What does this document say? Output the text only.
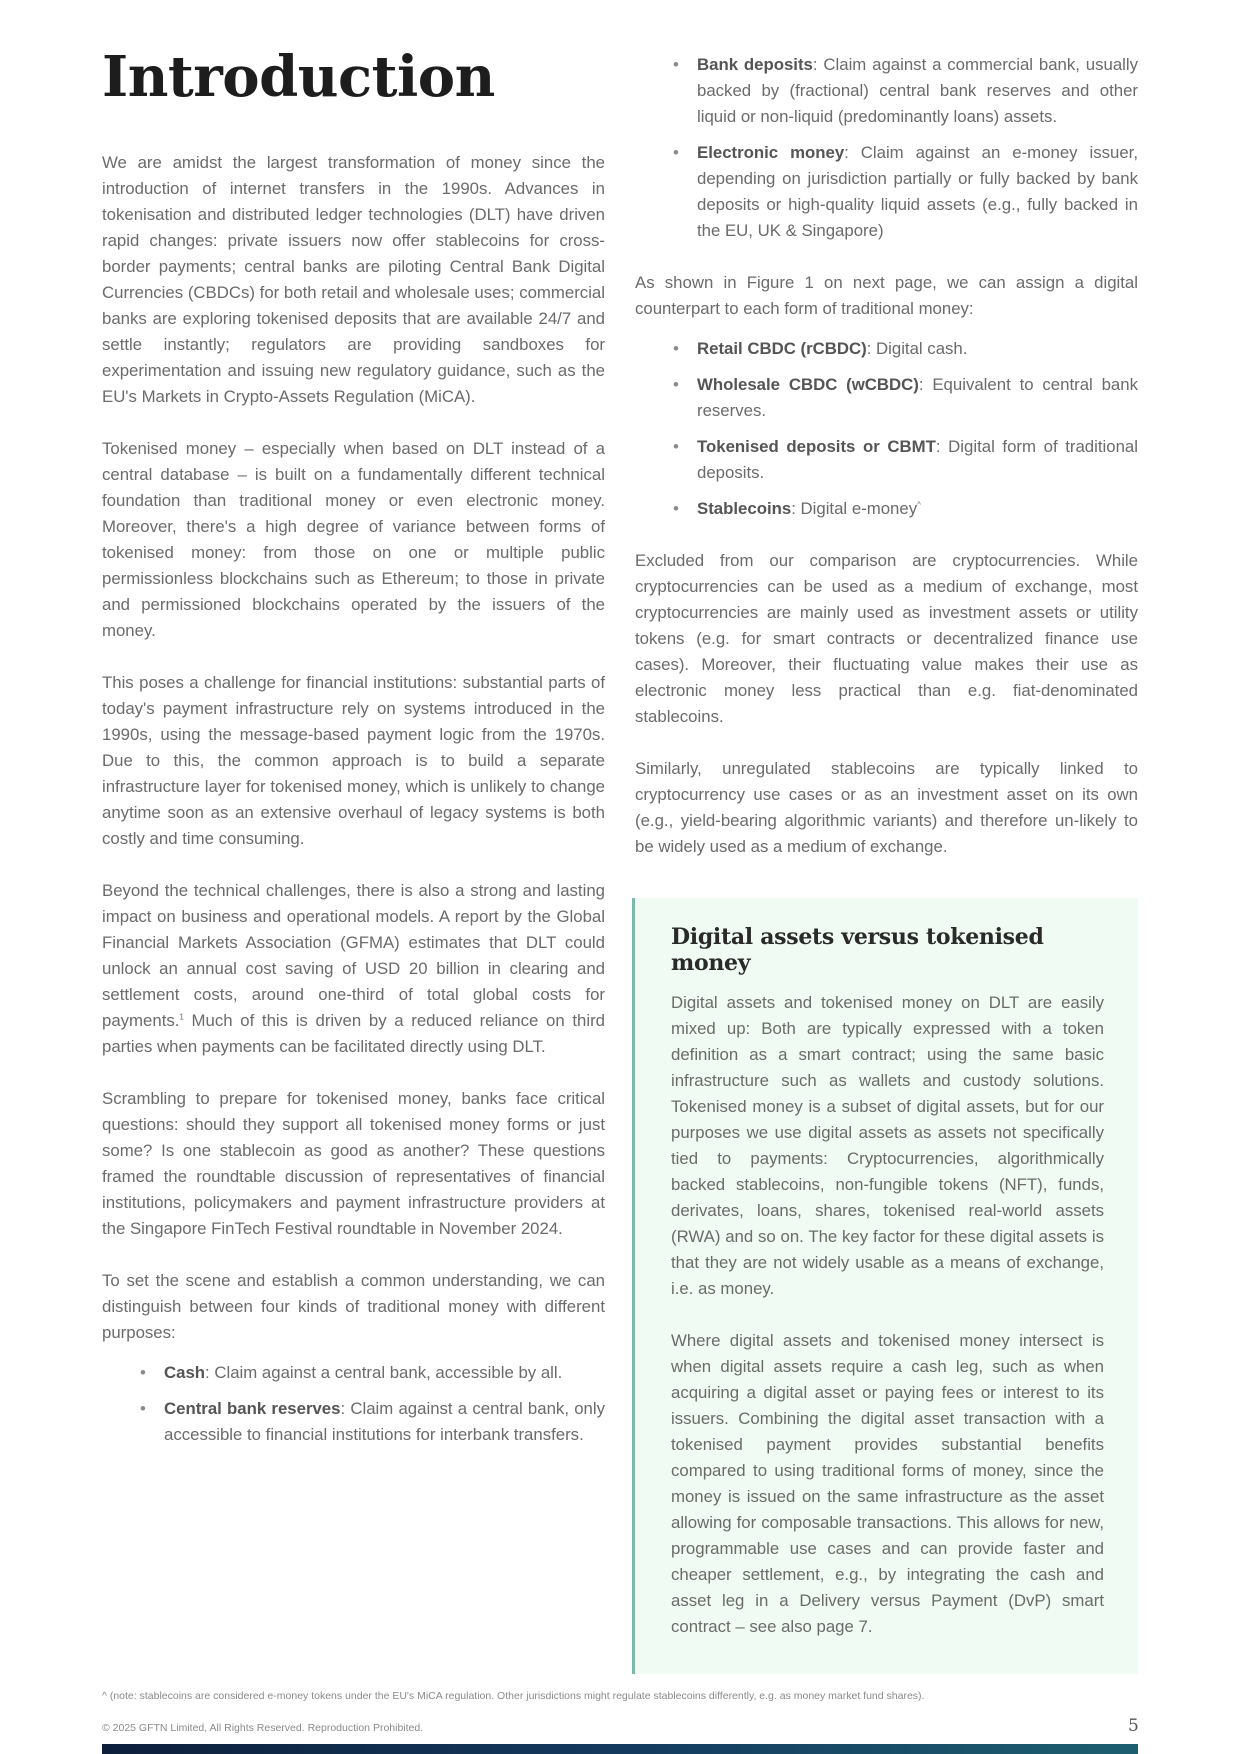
Introduction

We are amidst the largest transformation of money since the introduction of internet transfers in the 1990s. Advances in tokenisation and distributed ledger technologies (DLT) have driven rapid changes: private issuers now offer stablecoins for cross-border payments; central banks are piloting Central Bank Digital Currencies (CBDCs) for both retail and wholesale uses; commercial banks are exploring tokenised deposits that are available 24/7 and settle instantly; regulators are providing sandboxes for experimentation and issuing new regulatory guidance, such as the EU's Markets in Crypto-Assets Regulation (MiCA).

Tokenised money – especially when based on DLT instead of a central database – is built on a fundamentally different technical foundation than traditional money or even electronic money. Moreover, there's a high degree of variance between forms of tokenised money: from those on one or multiple public permissionless blockchains such as Ethereum; to those in private and permissioned blockchains operated by the issuers of the money.

This poses a challenge for financial institutions: substantial parts of today's payment infrastructure rely on systems introduced in the 1990s, using the message-based payment logic from the 1970s. Due to this, the common approach is to build a separate infrastructure layer for tokenised money, which is unlikely to change anytime soon as an extensive overhaul of legacy systems is both costly and time consuming.

Beyond the technical challenges, there is also a strong and lasting impact on business and operational models. A report by the Global Financial Markets Association (GFMA) estimates that DLT could unlock an annual cost saving of USD 20 billion in clearing and settlement costs, around one-third of total global costs for payments.$^1$ Much of this is driven by a reduced reliance on third parties when payments can be facilitated directly using DLT.

Scrambling to prepare for tokenised money, banks face critical questions: should they support all tokenised money forms or just some? Is one stablecoin as good as another? These questions framed the roundtable discussion of representatives of financial institutions, policymakers and payment infrastructure providers at the Singapore FinTech Festival roundtable in November 2024.

To set the scene and establish a common understanding, we can distinguish between four kinds of traditional money with different purposes:

• Cash: Claim against a central bank, accessible by all.
• Central bank reserves: Claim against a central bank, only accessible to financial institutions for interbank transfers.
• Bank deposits: Claim against a commercial bank, usually backed by (fractional) central bank reserves and other liquid or non-liquid (predominantly loans) assets.
• Electronic money: Claim against an e-money issuer, depending on jurisdiction partially or fully backed by bank deposits or high-quality liquid assets (e.g., fully backed in the EU, UK & Singapore)

As shown in Figure 1 on next page, we can assign a digital counterpart to each form of traditional money:

• Retail CBDC (rCBDC): Digital cash.
• Wholesale CBDC (wCBDC): Equivalent to central bank reserves.
• Tokenised deposits or CBMT: Digital form of traditional deposits.
• Stablecoins: Digital e-money^

Excluded from our comparison are cryptocurrencies. While cryptocurrencies can be used as a medium of exchange, most cryptocurrencies are mainly used as investment assets or utility tokens (e.g. for smart contracts or decentralized finance use cases). Moreover, their fluctuating value makes their use as electronic money less practical than e.g. fiat-denominated stablecoins.

Similarly, unregulated stablecoins are typically linked to cryptocurrency use cases or as an investment asset on its own (e.g., yield-bearing algorithmic variants) and therefore un-likely to be widely used as a medium of exchange.

Digital assets versus tokenised money

Digital assets and tokenised money on DLT are easily mixed up: Both are typically expressed with a token definition as a smart contract; using the same basic infrastructure such as wallets and custody solutions. Tokenised money is a subset of digital assets, but for our purposes we use digital assets as assets not specifically tied to payments: Cryptocurrencies, algorithmically backed stablecoins, non-fungible tokens (NFT), funds, derivates, loans, shares, tokenised real-world assets (RWA) and so on. The key factor for these digital assets is that they are not widely usable as a means of exchange, i.e. as money.

Where digital assets and tokenised money intersect is when digital assets require a cash leg, such as when acquiring a digital asset or paying fees or interest to its issuers. Combining the digital asset transaction with a tokenised payment provides substantial benefits compared to using traditional forms of money, since the money is issued on the same infrastructure as the asset allowing for composable transactions. This allows for new, programmable use cases and can provide faster and cheaper settlement, e.g., by integrating the cash and asset leg in a Delivery versus Payment (DvP) smart contract – see also page 7.

^ (note: stablecoins are considered e-money tokens under the EU's MiCA regulation. Other jurisdictions might regulate stablecoins differently, e.g. as money market fund shares).
© 2025 GFTN Limited, All Rights Reserved. Reproduction Prohibited.	5
